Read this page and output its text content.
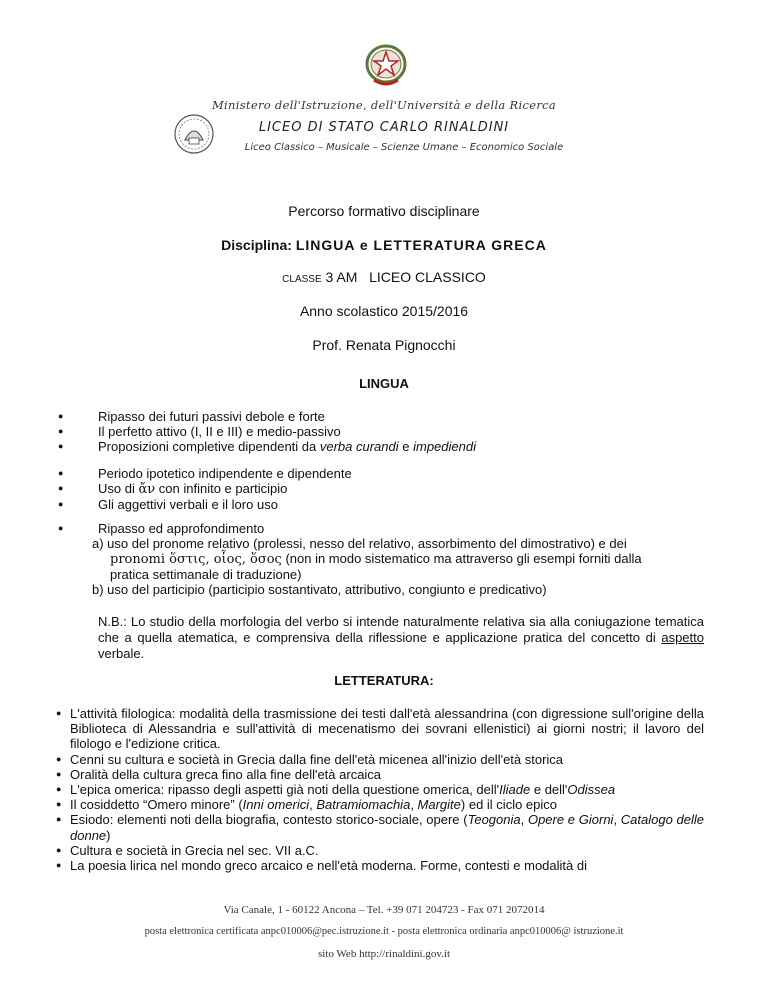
Ministero dell'Istruzione, dell'Università e della Ricerca
LICEO DI STATO CARLO RINALDINI
Liceo Classico – Musicale – Scienze Umane – Economico Sociale
Percorso formativo disciplinare
Disciplina: LINGUA e LETTERATURA GRECA
CLASSE 3 AM LICEO CLASSICO
Anno scolastico 2015/2016
Prof. Renata Pignocchi
LINGUA
● Ripasso dei futuri passivi debole e forte
● Il perfetto attivo (I, II e III) e medio-passivo
● Proposizioni completive dipendenti da verba curandi e impediendi
● Periodo ipotetico indipendente e dipendente
● Uso di ἄν con infinito e participio
● Gli aggettivi verbali e il loro uso
● Ripasso ed approfondimento
a) uso del pronome relativo (prolessi, nesso del relativo, assorbimento del dimostrativo) e dei
pronomi ὅστις, οἷος, ὅσος (non in modo sistematico ma attraverso gli esempi forniti dalla
pratica settimanale di traduzione)
b) uso del participio (participio sostantivato, attributivo, congiunto e predicativo)
N.B.: Lo studio della morfologia del verbo si intende naturalmente relativa sia alla coniugazione tematica che a quella atematica, e comprensiva della riflessione e applicazione pratica del concetto di aspetto verbale.
LETTERATURA:
● L'attività filologica: modalità della trasmissione dei testi dall'età alessandrina (con digressione sull'origine della Biblioteca di Alessandria e sull'attività di mecenatismo dei sovrani ellenistici) ai giorni nostri; il lavoro del filologo e l'edizione critica.
● Cenni su cultura e società in Grecia dalla fine dell'età micenea all'inizio dell'età storica
● Oralità della cultura greca fino alla fine dell'età arcaica
● L'epica omerica: ripasso degli aspetti già noti della questione omerica, dell'Iliade e dell'Odissea
● Il cosiddetto “Omero minore” (Inni omerici, Batramiomachia, Margite) ed il ciclo epico
● Esiodo: elementi noti della biografia, contesto storico-sociale, opere (Teogonia, Opere e Giorni, Catalogo delle donne)
● Cultura e società in Grecia nel sec. VII a.C.
● La poesia lirica nel mondo greco arcaico e nell'età moderna. Forme, contesti e modalità di
Via Canale, 1 - 60122 Ancona – Tel. +39 071 204723 - Fax 071 2072014
posta elettronica certificata anpc010006@pec.istruzione.it - posta elettronica ordinaria anpc010006@ istruzione.it
sito Web http://rinaldini.gov.it
